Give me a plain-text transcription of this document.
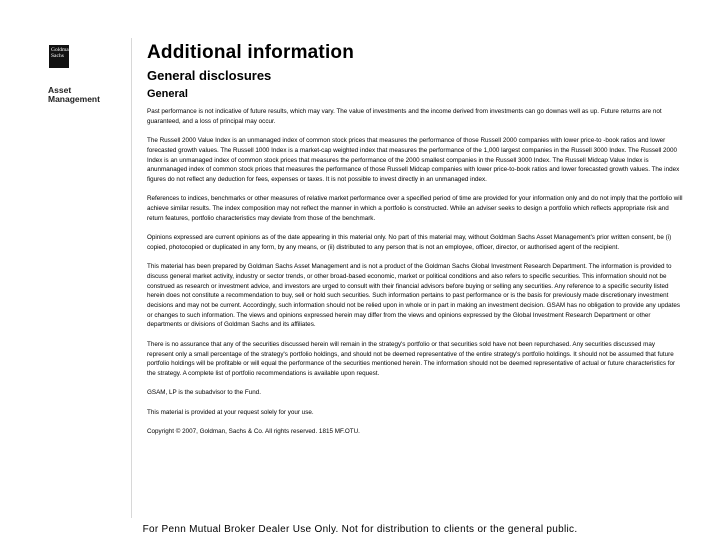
Goldman
Sachs
Asset
Management
Additional information
General disclosures
General

Past performance is not indicative of future results, which may vary. The value of investments and the income derived from investments can go downas well as up. Future returns are not guaranteed, and a loss of principal may occur.

The Russell 2000 Value Index is an unmanaged index of common stock prices that measures the performance of those Russell 2000 companies with lower price-to -book ratios and lower forecasted growth values. The Russell 1000 Index is a market-cap weighted index that measures the performance of the 1,000 largest companies in the Russell 3000 Index. The Russell 2000 Index is an unmanaged index of common stock prices that measures the performance of the 2000 smallest companies in the Russell 3000 Index. The Russell Midcap Value Index is anunmanaged index of common stock prices that measures the performance of those Russell Midcap companies with lower price-to-book ratios and lower forecasted growth values. The index figures do not reflect any deduction for fees, expenses or taxes. It is not possible to invest directly in an unmanaged index.

References to indices, benchmarks or other measures of relative market performance over a specified period of time are provided for your information only and do not imply that the portfolio will achieve similar results. The index composition may not reflect the manner in which a portfolio is constructed. While an adviser seeks to design a portfolio which reflects appropriate risk and return features, portfolio characteristics may deviate from those of the benchmark.

Opinions expressed are current opinions as of the date appearing in this material only. No part of this material may, without Goldman Sachs Asset Management's prior written consent, be (i) copied, photocopied or duplicated in any form, by any means, or (ii) distributed to any person that is not an employee, officer, director, or authorised agent of the recipient.

This material has been prepared by Goldman Sachs Asset Management and is not a product of the Goldman Sachs Global Investment Research Department. The information is provided to discuss general market activity, industry or sector trends, or other broad-based economic, market or political conditions and also refers to specific securities. This information should not be construed as research or investment advice, and investors are urged to consult with their financial advisors before buying or selling any securities. Any reference to a specific security listed herein does not constitute a recommendation to buy, sell or hold such securities. Such information pertains to past performance or is the basis for previously made discretionary investment decisions and may not be current. Accordingly, such information should not be relied upon in whole or in part in making an investment decision. GSAM has no obligation to provide any updates or changes to such information. The views and opinions expressed herein may differ from the views and opinions expressed by the Global Investment Research Department or other departments or divisions of Goldman Sachs and its affiliates.

There is no assurance that any of the securities discussed herein will remain in the strategy's portfolio or that securities sold have not been repurchased. Any securities discussed may represent only a small percentage of the strategy's portfolio holdings, and should not be deemed representative of the entire strategy's portfolio holdings. It should not be assumed that future portfolio holdings will be profitable or will equal the performance of the securities mentioned herein. The information should not be deemed representative of actual or future characteristics for the strategy. A complete list of portfolio recommendations is available upon request.

GSAM, LP is the subadvisor to the Fund.

This material is provided at your request solely for your use.

Copyright © 2007, Goldman, Sachs & Co. All rights reserved. 1815 MF.OTU.

For Penn Mutual Broker Dealer Use Only. Not for distribution to clients or the general public.
